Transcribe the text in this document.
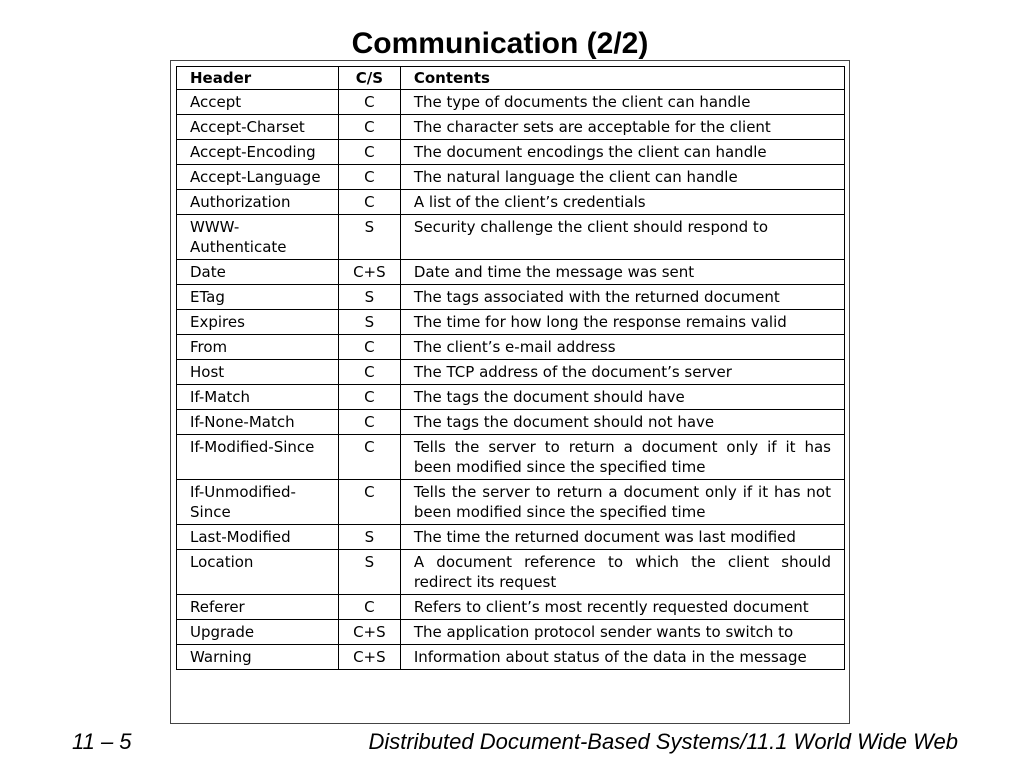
Communication (2/2)
Header	C/S	Contents
Accept	C	The type of documents the client can handle
Accept-Charset	C	The character sets are acceptable for the client
Accept-Encoding	C	The document encodings the client can handle
Accept-Language	C	The natural language the client can handle
Authorization	C	A list of the client’s credentials
WWW-Authenticate	S	Security challenge the client should respond to
Date	C+S	Date and time the message was sent
ETag	S	The tags associated with the returned document
Expires	S	The time for how long the response remains valid
From	C	The client’s e-mail address
Host	C	The TCP address of the document’s server
If-Match	C	The tags the document should have
If-None-Match	C	The tags the document should not have
If-Modified-Since	C	Tells the server to return a document only if it has been modified since the specified time
If-Unmodified-Since	C	Tells the server to return a document only if it has not been modified since the specified time
Last-Modified	S	The time the returned document was last modified
Location	S	A document reference to which the client should redirect its request
Referer	C	Refers to client’s most recently requested document
Upgrade	C+S	The application protocol sender wants to switch to
Warning	C+S	Information about status of the data in the message
11 – 5	Distributed Document-Based Systems/11.1 World Wide Web
